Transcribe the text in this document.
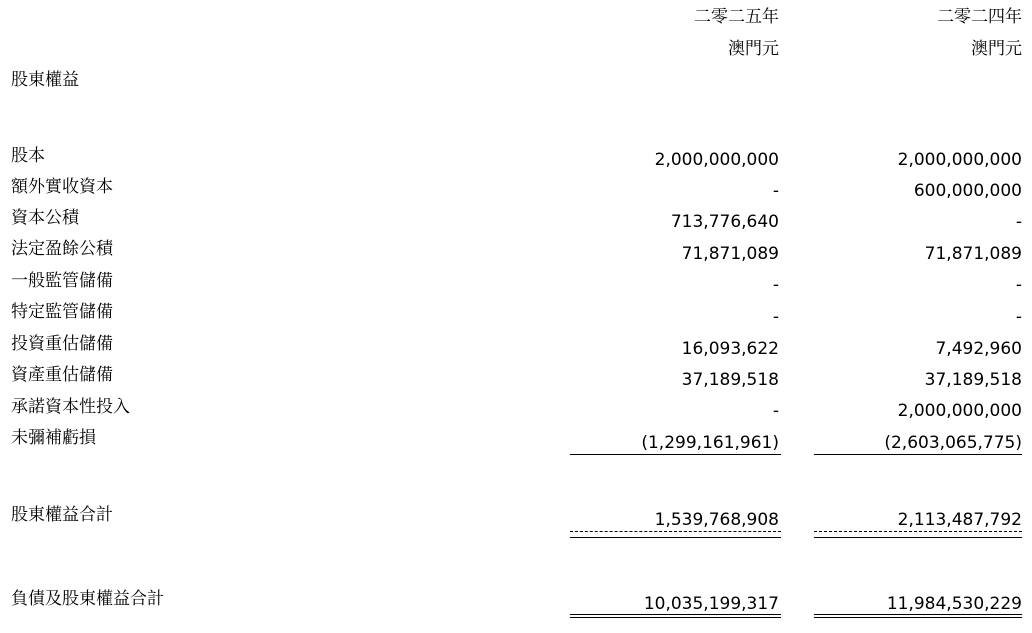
二零二五年
澳門元
二零二四年
澳門元
股東權益
股本	2,000,000,000	2,000,000,000
額外實收資本	-	600,000,000
資本公積	713,776,640	-
法定盈餘公積	71,871,089	71,871,089
一般監管儲備	-	-
特定監管儲備	-	-
投資重估儲備	16,093,622	7,492,960
資產重估儲備	37,189,518	37,189,518
承諾資本性投入	-	2,000,000,000
未彌補虧損	(1,299,161,961)	(2,603,065,775)
股東權益合計	1,539,768,908	2,113,487,792
負債及股東權益合計	10,035,199,317	11,984,530,229
